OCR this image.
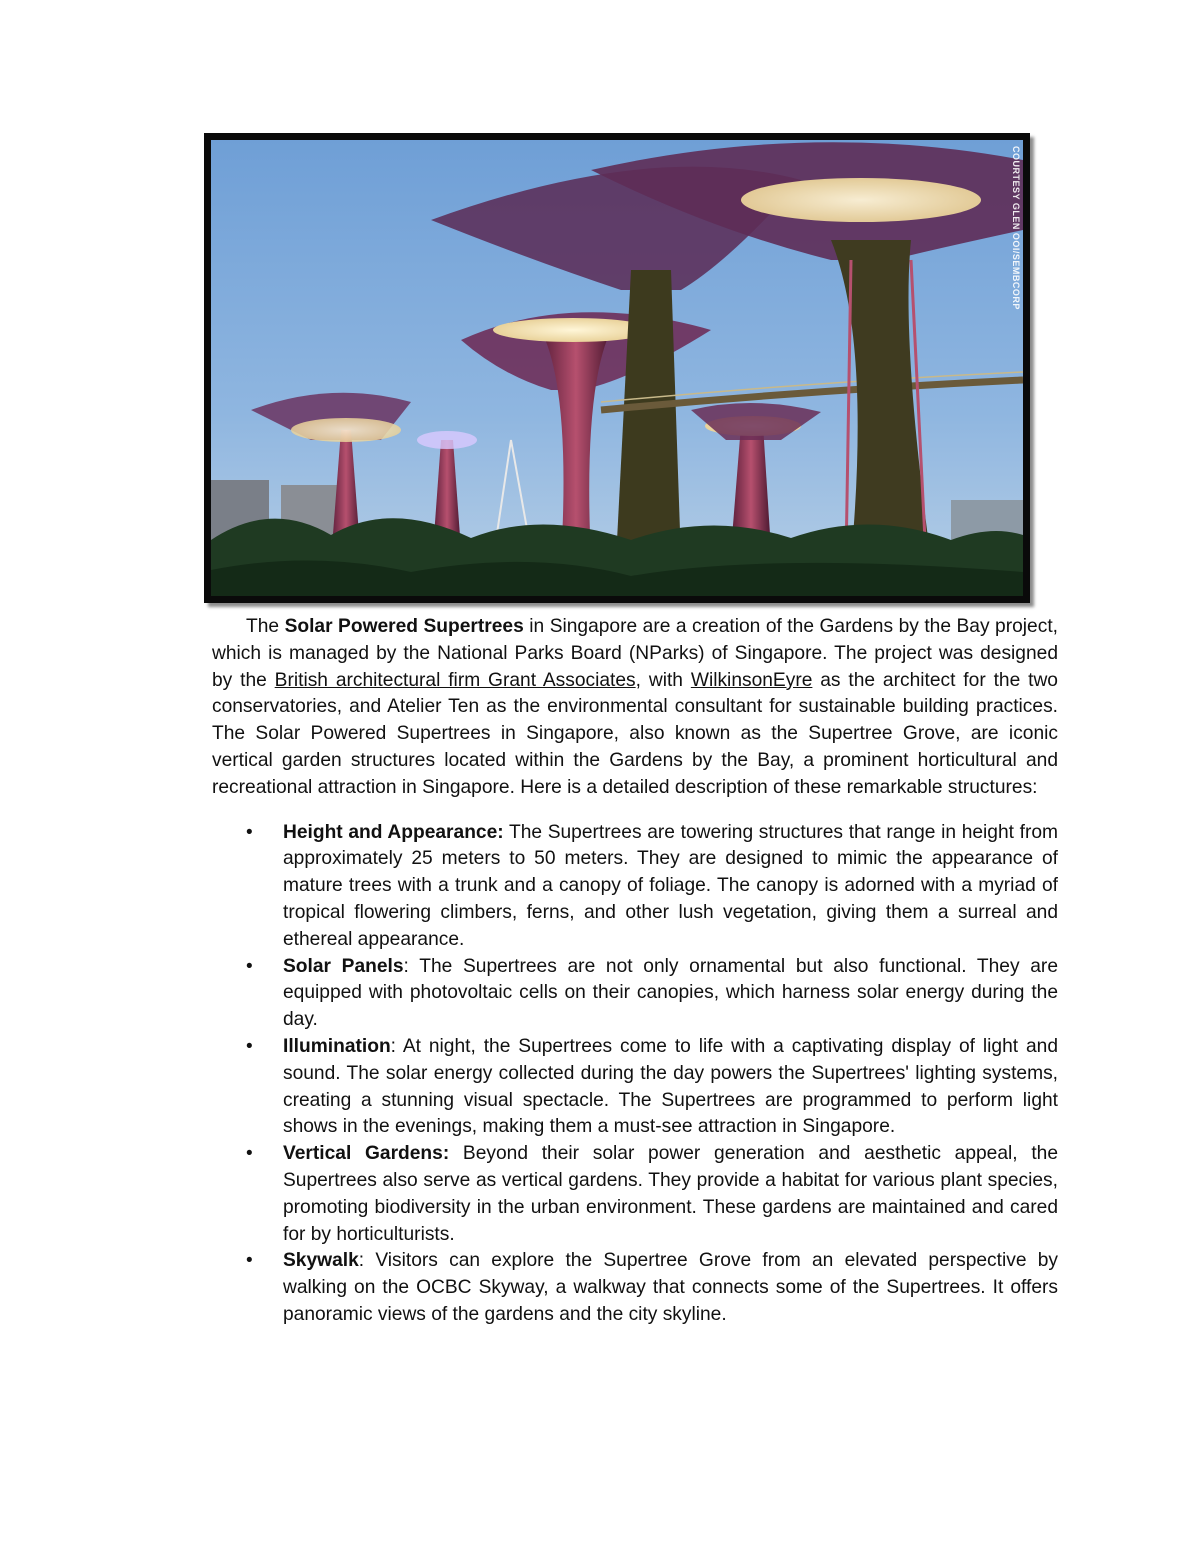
COURTESY GLEN OOI/SEMBCORP

The Solar Powered Supertrees in Singapore are a creation of the Gardens by the Bay project, which is managed by the National Parks Board (NParks) of Singapore. The project was designed by the British architectural firm Grant Associates, with WilkinsonEyre as the architect for the two conservatories, and Atelier Ten as the environmental consultant for sustainable building practices. The Solar Powered Supertrees in Singapore, also known as the Supertree Grove, are iconic vertical garden structures located within the Gardens by the Bay, a prominent horticultural and recreational attraction in Singapore. Here is a detailed description of these remarkable structures:

• Height and Appearance: The Supertrees are towering structures that range in height from approximately 25 meters to 50 meters. They are designed to mimic the appearance of mature trees with a trunk and a canopy of foliage. The canopy is adorned with a myriad of tropical flowering climbers, ferns, and other lush vegetation, giving them a surreal and ethereal appearance.
• Solar Panels: The Supertrees are not only ornamental but also functional. They are equipped with photovoltaic cells on their canopies, which harness solar energy during the day.
• Illumination: At night, the Supertrees come to life with a captivating display of light and sound. The solar energy collected during the day powers the Supertrees' lighting systems, creating a stunning visual spectacle. The Supertrees are programmed to perform light shows in the evenings, making them a must-see attraction in Singapore.
• Vertical Gardens: Beyond their solar power generation and aesthetic appeal, the Supertrees also serve as vertical gardens. They provide a habitat for various plant species, promoting biodiversity in the urban environment. These gardens are maintained and cared for by horticulturists.
• Skywalk: Visitors can explore the Supertree Grove from an elevated perspective by walking on the OCBC Skyway, a walkway that connects some of the Supertrees. It offers panoramic views of the gardens and the city skyline.
